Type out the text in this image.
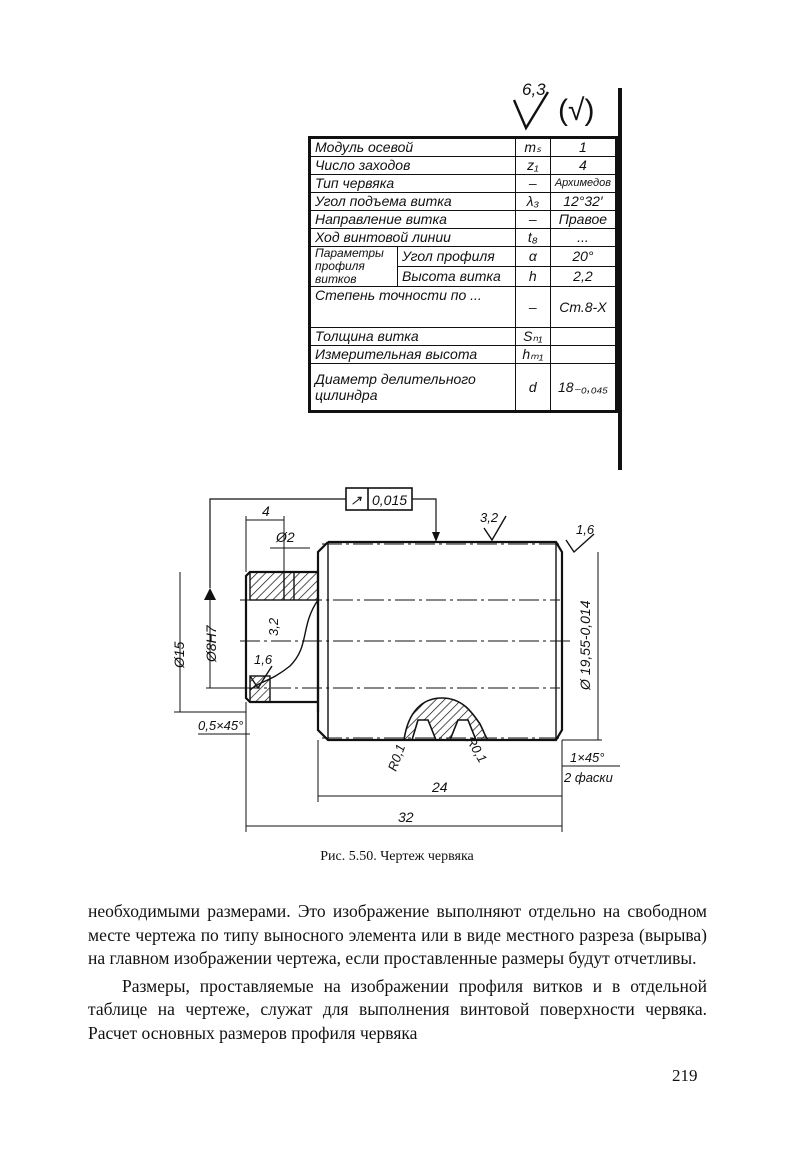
6,3
(√)
Модуль осевой		mₛ	1
Число заходов		z₁	4
Тип червяка		–	Архимедов
Угол подъема витка		λ₃	12°32′
Направление витка		–	Правое
Ход винтовой линии		t₈	...
Параметры профиля витков	Угол профиля	α	20°
	Высота витка	h	2,2
Степень точности по ...		–	Ст.8-X
Толщина витка		Sₙ₁	
Измерительная высота		hₘ₁	
Диаметр делительного цилиндра		d	18₋₀,₀₄₅
↗ 0,015
4
Ø2
3,2
1,6
3,2
1,6
Ø15 Ø8H7	Ø 19,55-0,014
0,5×45°
R0,1	R0,1
24
32
1×45°
2 фаски
Рис. 5.50. Чертеж червяка

необходимыми размерами. Это изображение выполняют отдельно на свободном месте чертежа по типу выносного элемента или в виде местного разреза (вырыва) на главном изображении чертежа, если проставленные размеры будут отчетливы.

Размеры, проставляемые на изображении профиля витков и в отдельной таблице на чертеже, служат для выполнения винтовой поверхности червяка. Расчет основных размеров профиля червяка

219
